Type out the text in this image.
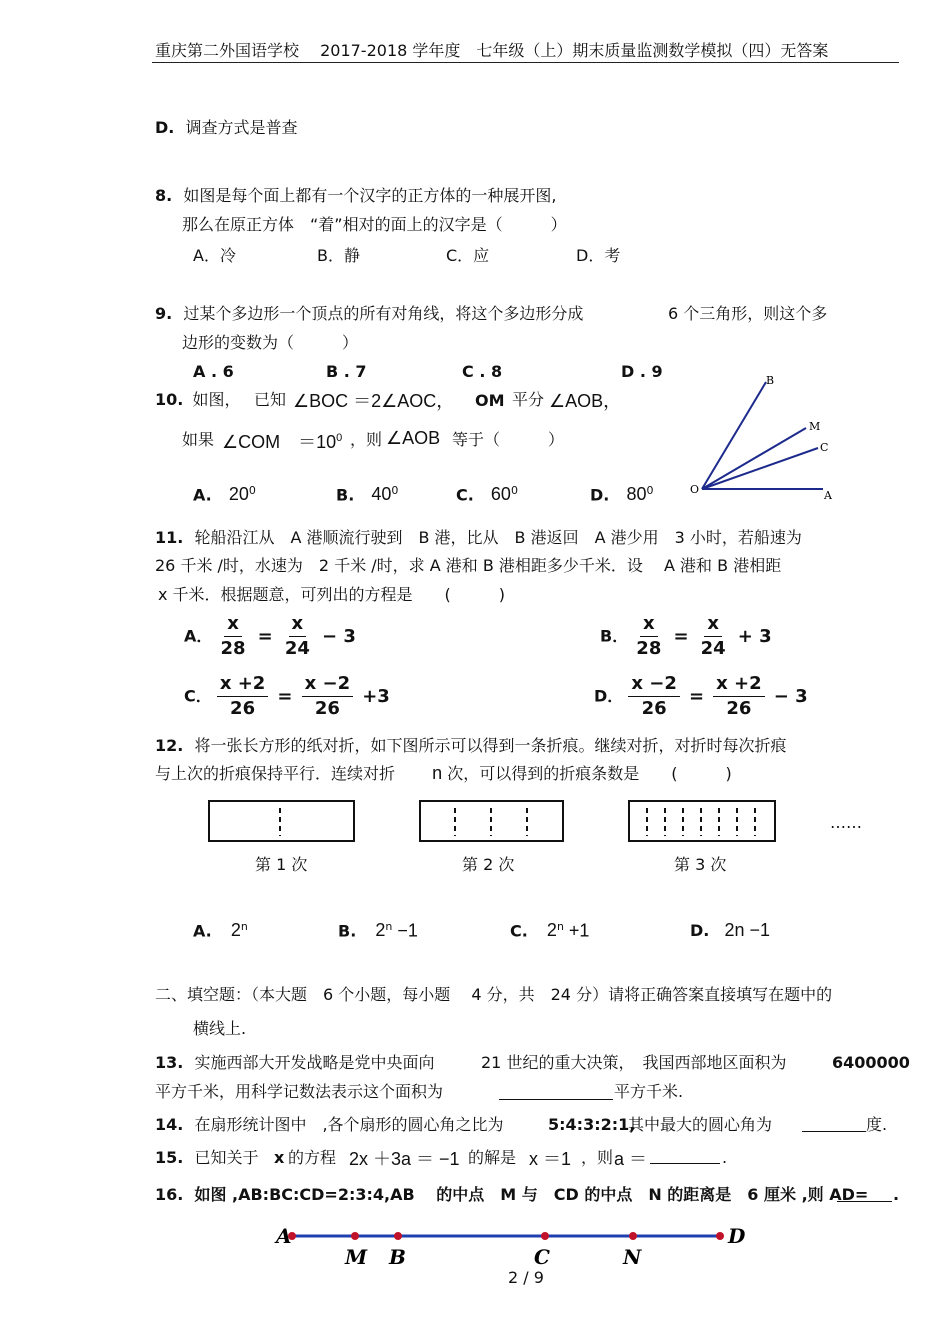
重庆第二外国语学校　 2017-2018 学年度　七年级（上）期末质量监测数学模拟（四）无答案
D. 调查方式是普查
8. 如图是每个面上都有一个汉字的正方体的一种展开图,
那么在原正方体　“着”相对的面上的汉字是（　　　）
A．冷	B．静	C．应	D．考
9. 过某个多边形一个顶点的所有对角线，将这个多边形分成	6 个三角形，则这个多
边形的变数为（　　　）
A . 6	B . 7	C . 8	D . 9
10. 如图， 已知 ∠BOC ＝2∠AOC， OM 平分 ∠AOB，
如果 ∠COM　$=10^0$ ，则 ∠AOB 等于（　　　）
A. $20^0$	B. $40^0$	C. $60^0$	D. $80^0$	O	A
B
M
C
11. 轮船沿江从　A 港顺流行驶到　B 港，比从　B 港返回　A 港少用　3 小时，若船速为
26 千米 /时，水速为　2 千米 /时，求 A 港和 B 港相距多少千米．设　 A 港和 B 港相距
x 千米．根据题意，可列出的方程是　　(　　　)
A． $\frac{x}{28} = \frac{x}{24} - 3$	B． $\frac{x}{28} = \frac{x}{24} + 3$
C． $\frac{x +2}{26} = \frac{x -2}{26} +3$	D． $\frac{x -2}{26} = \frac{x +2}{26} - 3$
12. 将一张长方形的纸对折，如下图所示可以得到一条折痕。继续对折，对折时每次折痕
与上次的折痕保持平行．连续对折 n 次，可以得到的折痕条数是　　(　　　)
……
第 1 次	第 2 次	第 3 次
A. 2$^n$	B. $2^n -1$	C. $2^n +1$	D. 2n −1
二、填空题：（本大题　6 个小题，每小题　 4 分，共　24 分）请将正确答案直接填写在题中的
横线上.
13. 实施西部大开发战略是党中央面向	21 世纪的重大决策，　我国西部地区面积为	6400000
平方千米，用科学记数法表示这个面积为	平方千米.
14. 在扇形统计图中　,各个扇形的圆心角之比为	5:4:3:2:1,
其中最大的圆心角为	度.
15. 已知关于 x 的方程 2x ＋3a ＝ −1 的解是 x ＝1 ，则 a ＝	.
16. 如图 ,AB:BC:CD=2:3:4,AB　 的中点　M 与　CD 的中点　N 的距离是　6 厘米 ,则 AD= .
A
M B	C	N
D
2 / 9
